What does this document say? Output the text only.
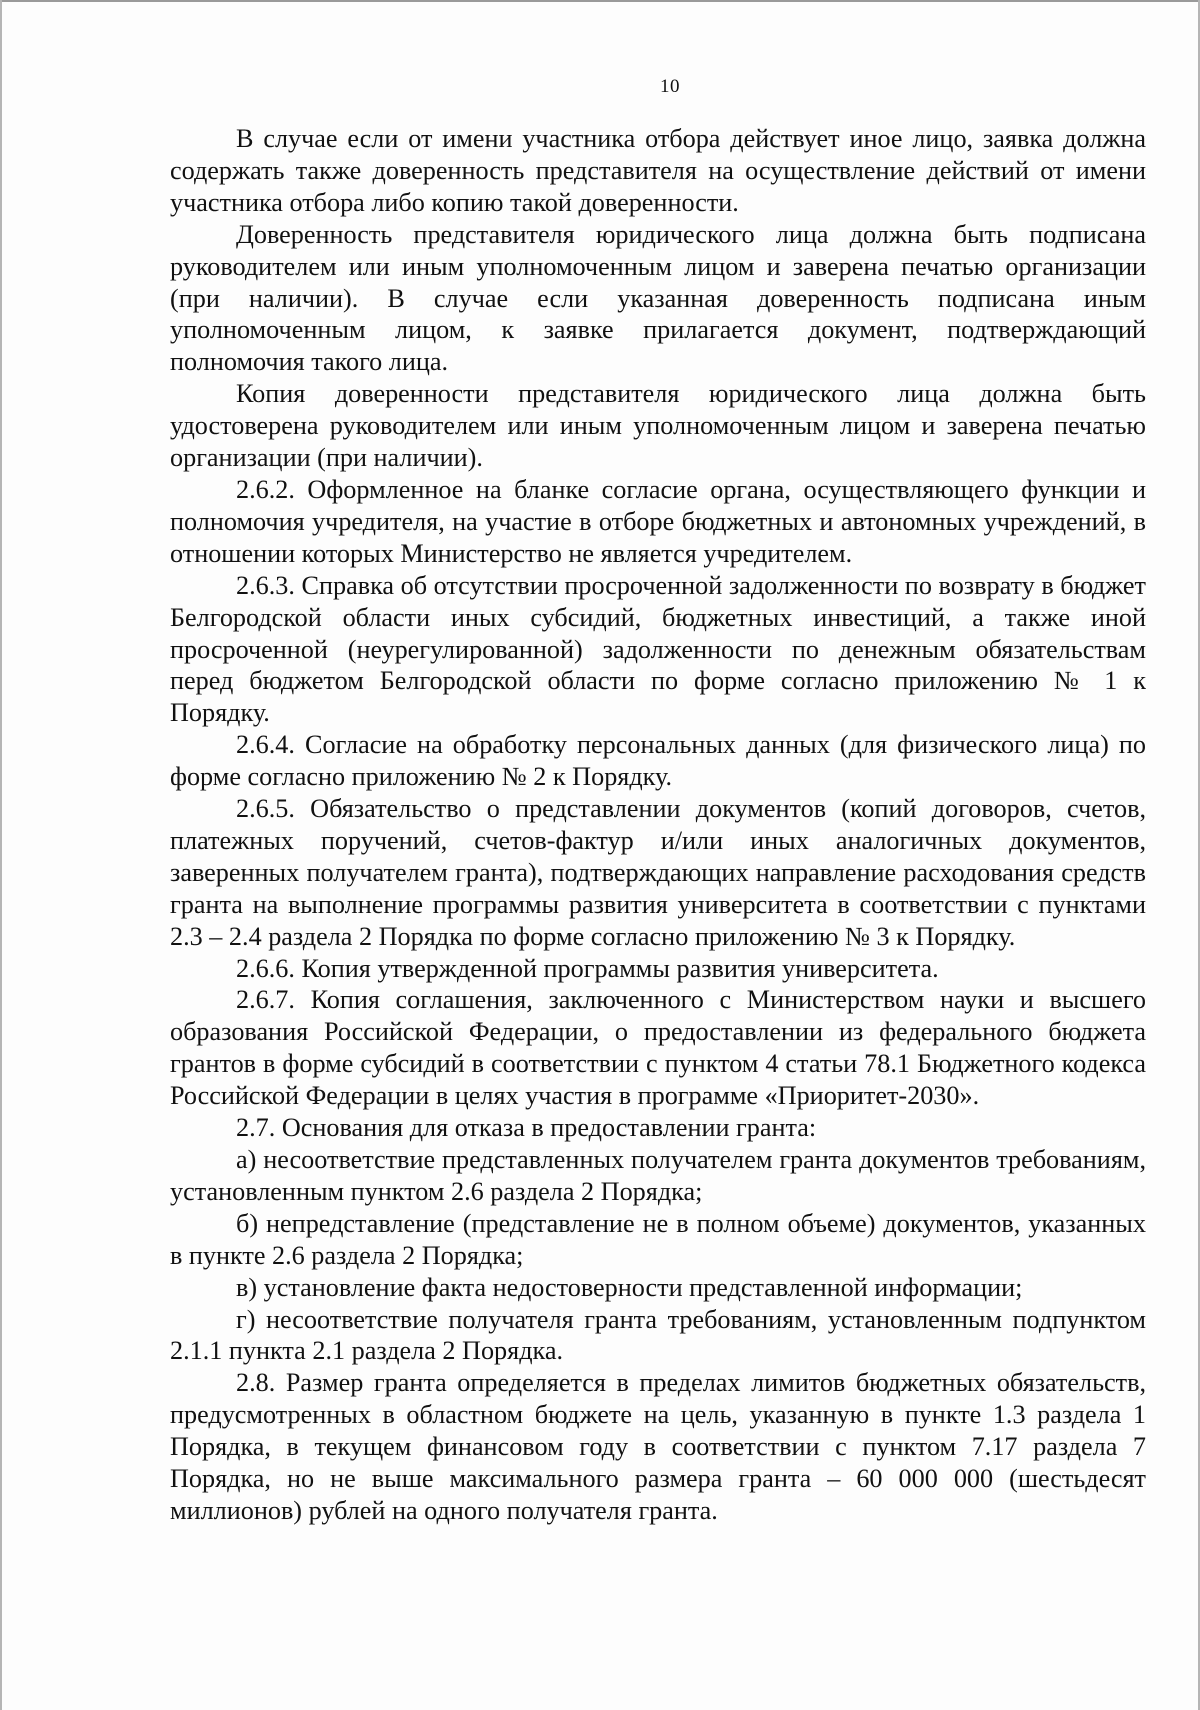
10

В случае если от имени участника отбора действует иное лицо, заявка должна содержать также доверенность представителя на осуществление действий от имени участника отбора либо копию такой доверенности.

Доверенность представителя юридического лица должна быть подписана руководителем или иным уполномоченным лицом и заверена печатью организации (при наличии). В случае если указанная доверенность подписана иным уполномоченным лицом, к заявке прилагается документ, подтверждающий полномочия такого лица.

Копия доверенности представителя юридического лица должна быть удостоверена руководителем или иным уполномоченным лицом и заверена печатью организации (при наличии).

2.6.2. Оформленное на бланке согласие органа, осуществляющего функции и полномочия учредителя, на участие в отборе бюджетных и автономных учреждений, в отношении которых Министерство не является учредителем.

2.6.3. Справка об отсутствии просроченной задолженности по возврату в бюджет Белгородской области иных субсидий, бюджетных инвестиций, а также иной просроченной (неурегулированной) задолженности по денежным обязательствам перед бюджетом Белгородской области по форме согласно приложению № 1 к Порядку.

2.6.4. Согласие на обработку персональных данных (для физического лица) по форме согласно приложению № 2 к Порядку.

2.6.5. Обязательство о представлении документов (копий договоров, счетов, платежных поручений, счетов-фактур и/или иных аналогичных документов, заверенных получателем гранта), подтверждающих направление расходования средств гранта на выполнение программы развития университета в соответствии с пунктами 2.3 – 2.4 раздела 2 Порядка по форме согласно приложению № 3 к Порядку.

2.6.6. Копия утвержденной программы развития университета.

2.6.7. Копия соглашения, заключенного с Министерством науки и высшего образования Российской Федерации, о предоставлении из федерального бюджета грантов в форме субсидий в соответствии с пунктом 4 статьи 78.1 Бюджетного кодекса Российской Федерации в целях участия в программе «Приоритет-2030».

2.7. Основания для отказа в предоставлении гранта:

а) несоответствие представленных получателем гранта документов требованиям, установленным пунктом 2.6 раздела 2 Порядка;

б) непредставление (представление не в полном объеме) документов, указанных в пункте 2.6 раздела 2 Порядка;

в) установление факта недостоверности представленной информации;

г) несоответствие получателя гранта требованиям, установленным подпунктом 2.1.1 пункта 2.1 раздела 2 Порядка.

2.8. Размер гранта определяется в пределах лимитов бюджетных обязательств, предусмотренных в областном бюджете на цель, указанную в пункте 1.3 раздела 1 Порядка, в текущем финансовом году в соответствии с пунктом 7.17 раздела 7 Порядка, но не выше максимального размера гранта – 60 000 000 (шестьдесят миллионов) рублей на одного получателя гранта.
